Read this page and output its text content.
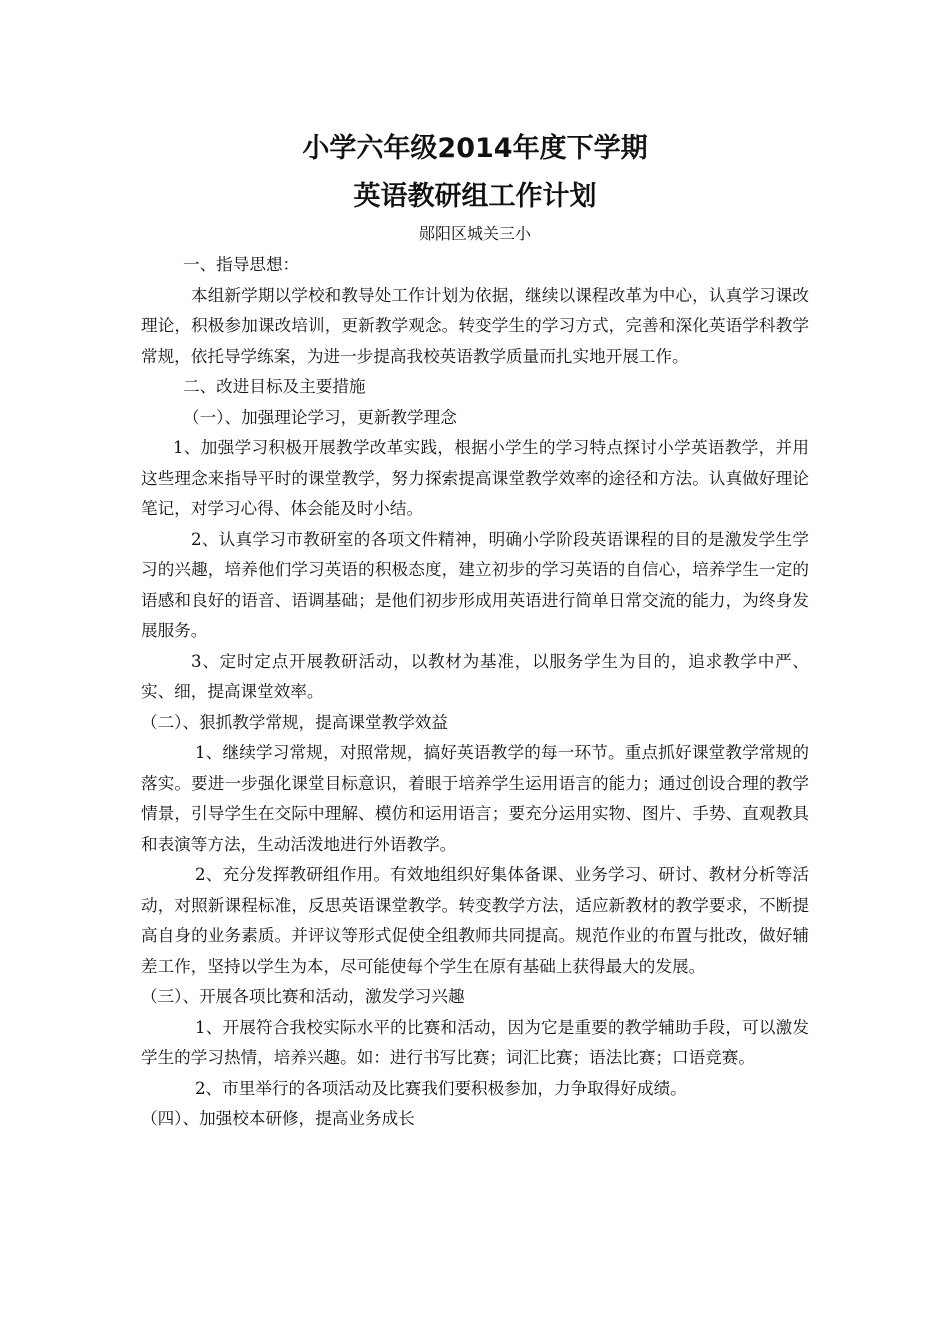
小学六年级2014年度下学期
英语教研组工作计划
郧阳区城关三小

一、指导思想：

本组新学期以学校和教导处工作计划为依据，继续以课程改革为中心，认真学习课改理论，积极参加课改培训，更新教学观念。转变学生的学习方式，完善和深化英语学科教学常规，依托导学练案，为进一步提高我校英语教学质量而扎实地开展工作。

二、改进目标及主要措施

（一）、加强理论学习，更新教学理念

1、加强学习积极开展教学改革实践，根据小学生的学习特点探讨小学英语教学，并用这些理念来指导平时的课堂教学，努力探索提高课堂教学效率的途径和方法。认真做好理论笔记，对学习心得、体会能及时小结。

2、认真学习市教研室的各项文件精神，明确小学阶段英语课程的目的是激发学生学习的兴趣，培养他们学习英语的积极态度，建立初步的学习英语的自信心，培养学生一定的语感和良好的语音、语调基础；是他们初步形成用英语进行简单日常交流的能力，为终身发展服务。

3、定时定点开展教研活动，以教材为基准，以服务学生为目的，追求教学中严、实、细，提高课堂效率。

（二）、狠抓教学常规，提高课堂教学效益

1、继续学习常规，对照常规，搞好英语教学的每一环节。重点抓好课堂教学常规的落实。要进一步强化课堂目标意识，着眼于培养学生运用语言的能力；通过创设合理的教学情景，引导学生在交际中理解、模仿和运用语言；要充分运用实物、图片、手势、直观教具和表演等方法，生动活泼地进行外语教学。

2、充分发挥教研组作用。有效地组织好集体备课、业务学习、研讨、教材分析等活动，对照新课程标准，反思英语课堂教学。转变教学方法，适应新教材的教学要求，不断提高自身的业务素质。并评议等形式促使全组教师共同提高。规范作业的布置与批改，做好辅差工作，坚持以学生为本，尽可能使每个学生在原有基础上获得最大的发展。

（三）、开展各项比赛和活动，激发学习兴趣

1、开展符合我校实际水平的比赛和活动，因为它是重要的教学辅助手段，可以激发学生的学习热情，培养兴趣。如：进行书写比赛；词汇比赛；语法比赛；口语竞赛。

2、市里举行的各项活动及比赛我们要积极参加，力争取得好成绩。

（四）、加强校本研修，提高业务成长
